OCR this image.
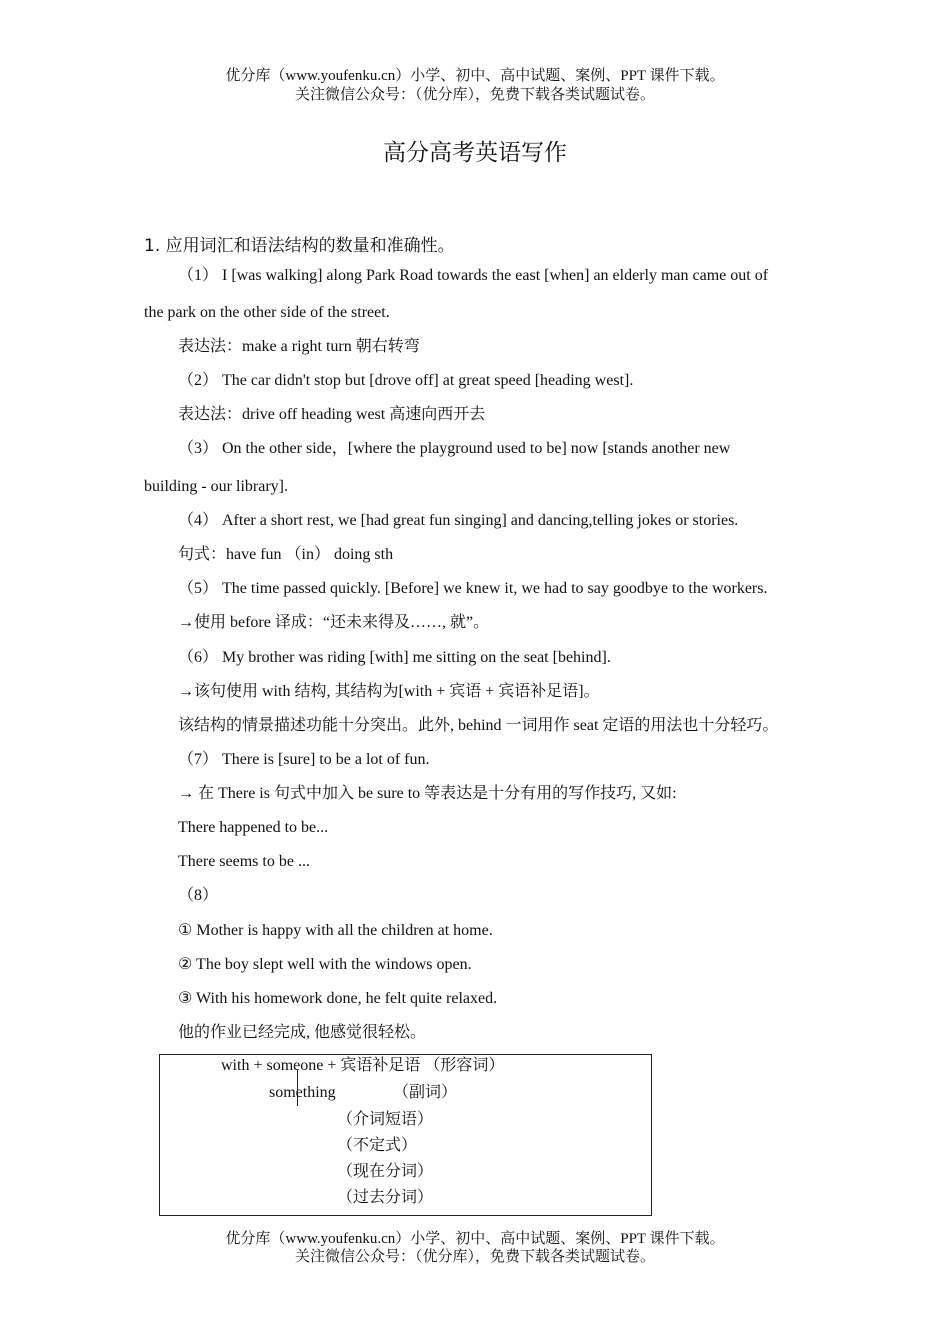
优分库（www.youfenku.cn）小学、初中、高中试题、案例、PPT 课件下载。
关注微信公众号：（优分库），免费下载各类试题试卷。
高分高考英语写作
1. 应用词汇和语法结构的数量和准确性。
（1） I [was walking] along Park Road towards the east [when] an elderly man came out of
the park on the other side of the street.
表达法：make a right turn 朝右转弯
（2） The car didn't stop but [drove off] at great speed [heading west].
表达法：drive off heading west 高速向西开去
（3） On the other side，[where the playground used to be] now [stands another new
building - our library].
（4） After a short rest, we [had great fun singing] and dancing,telling jokes or stories.
句式：have fun （in） doing sth
（5） The time passed quickly. [Before] we knew it, we had to say goodbye to the workers.
→使用 before 译成：“还未来得及……, 就”。
（6） My brother was riding [with] me sitting on the seat [behind].
→该句使用 with 结构, 其结构为[with + 宾语 + 宾语补足语]。
该结构的情景描述功能十分突出。此外, behind 一词用作 seat 定语的用法也十分轻巧。
（7） There is [sure] to be a lot of fun.
→ 在 There is 句式中加入 be sure to 等表达是十分有用的写作技巧, 又如:
There happened to be...
There seems to be ...
（8）
① Mother is happy with all the children at home.
② The boy slept well with the windows open.
③ With his homework done, he felt quite relaxed.
他的作业已经完成, 他感觉很轻松。
with + someone + 宾语补足语 （形容词）
something	（副词）
（介词短语）
（不定式）
（现在分词）
（过去分词）
优分库（www.youfenku.cn）小学、初中、高中试题、案例、PPT 课件下载。
关注微信公众号：（优分库），免费下载各类试题试卷。
